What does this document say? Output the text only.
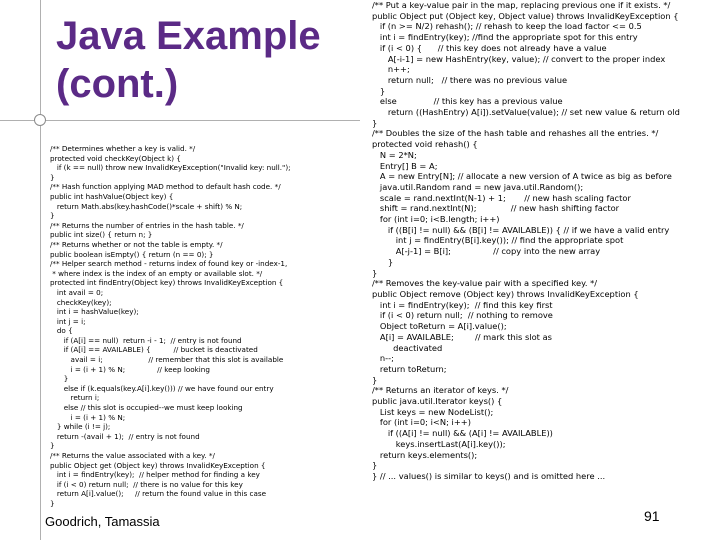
Java Example
(cont.)
/** Determines whether a key is valid. */
protected void checkKey(Object k) {
if (k == null) throw new InvalidKeyException("Invalid key: null.");
}
/** Hash function applying MAD method to default hash code. */
public int hashValue(Object key) {
return Math.abs(key.hashCode()*scale + shift) % N;
}
/** Returns the number of entries in the hash table. */
public int size() { return n; }
/** Returns whether or not the table is empty. */
public boolean isEmpty() { return (n == 0); }
/** Helper search method - returns index of found key or -index-1,
* where index is the index of an empty or available slot. */
protected int findEntry(Object key) throws InvalidKeyException {
int avail = 0;
checkKey(key);
int i = hashValue(key);
int j = i;
do {
if (A[i] == null)  return -i - 1;  // entry is not found
if (A[i] == AVAILABLE) {          // bucket is deactivated
avail = i;                    // remember that this slot is available
i = (i + 1) % N;              // keep looking
}
else if (k.equals(key.A[i].key())) // we have found our entry
return i;
else // this slot is occupied--we must keep looking
i = (i + 1) % N;
} while (i != j);
return -(avail + 1);  // entry is not found
}
/** Returns the value associated with a key. */
public Object get (Object key) throws InvalidKeyException {
int i = findEntry(key);  // helper method for finding a key
if (i < 0) return null;  // there is no value for this key
return A[i].value();     // return the found value in this case
}
/** Put a key-value pair in the map, replacing previous one if it exists. */
public Object put (Object key, Object value) throws InvalidKeyException {
if (n >= N/2) rehash(); // rehash to keep the load factor <= 0.5
int i = findEntry(key); //find the appropriate spot for this entry
if (i < 0) {      // this key does not already have a value
A[-i-1] = new HashEntry(key, value); // convert to the proper index
n++;
return null;   // there was no previous value
}
else              // this key has a previous value
return ((HashEntry) A[i]).setValue(value); // set new value & return old
}
/** Doubles the size of the hash table and rehashes all the entries. */
protected void rehash() {
N = 2*N;
Entry[] B = A;
A = new Entry[N]; // allocate a new version of A twice as big as before
java.util.Random rand = new java.util.Random();
scale = rand.nextInt(N-1) + 1;       // new hash scaling factor
shift = rand.nextInt(N);             // new hash shifting factor
for (int i=0; i<B.length; i++)
if ((B[i] != null) && (B[i] != AVAILABLE)) { // if we have a valid entry
int j = findEntry(B[i].key()); // find the appropriate spot
A[-j-1] = B[i];                // copy into the new array
}
}
/** Removes the key-value pair with a specified key. */
public Object remove (Object key) throws InvalidKeyException {
int i = findEntry(key);  // find this key first
if (i < 0) return null;  // nothing to remove
Object toReturn = A[i].value();
A[i] = AVAILABLE;        // mark this slot as
deactivated
n--;
return toReturn;
}
/** Returns an iterator of keys. */
public java.util.Iterator keys() {
List keys = new NodeList();
for (int i=0; i<N; i++)
if ((A[i] != null) && (A[i] != AVAILABLE))
keys.insertLast(A[i].key());
return keys.elements();
}
} // ... values() is similar to keys() and is omitted here ...
Goodrich, Tamassia	91
